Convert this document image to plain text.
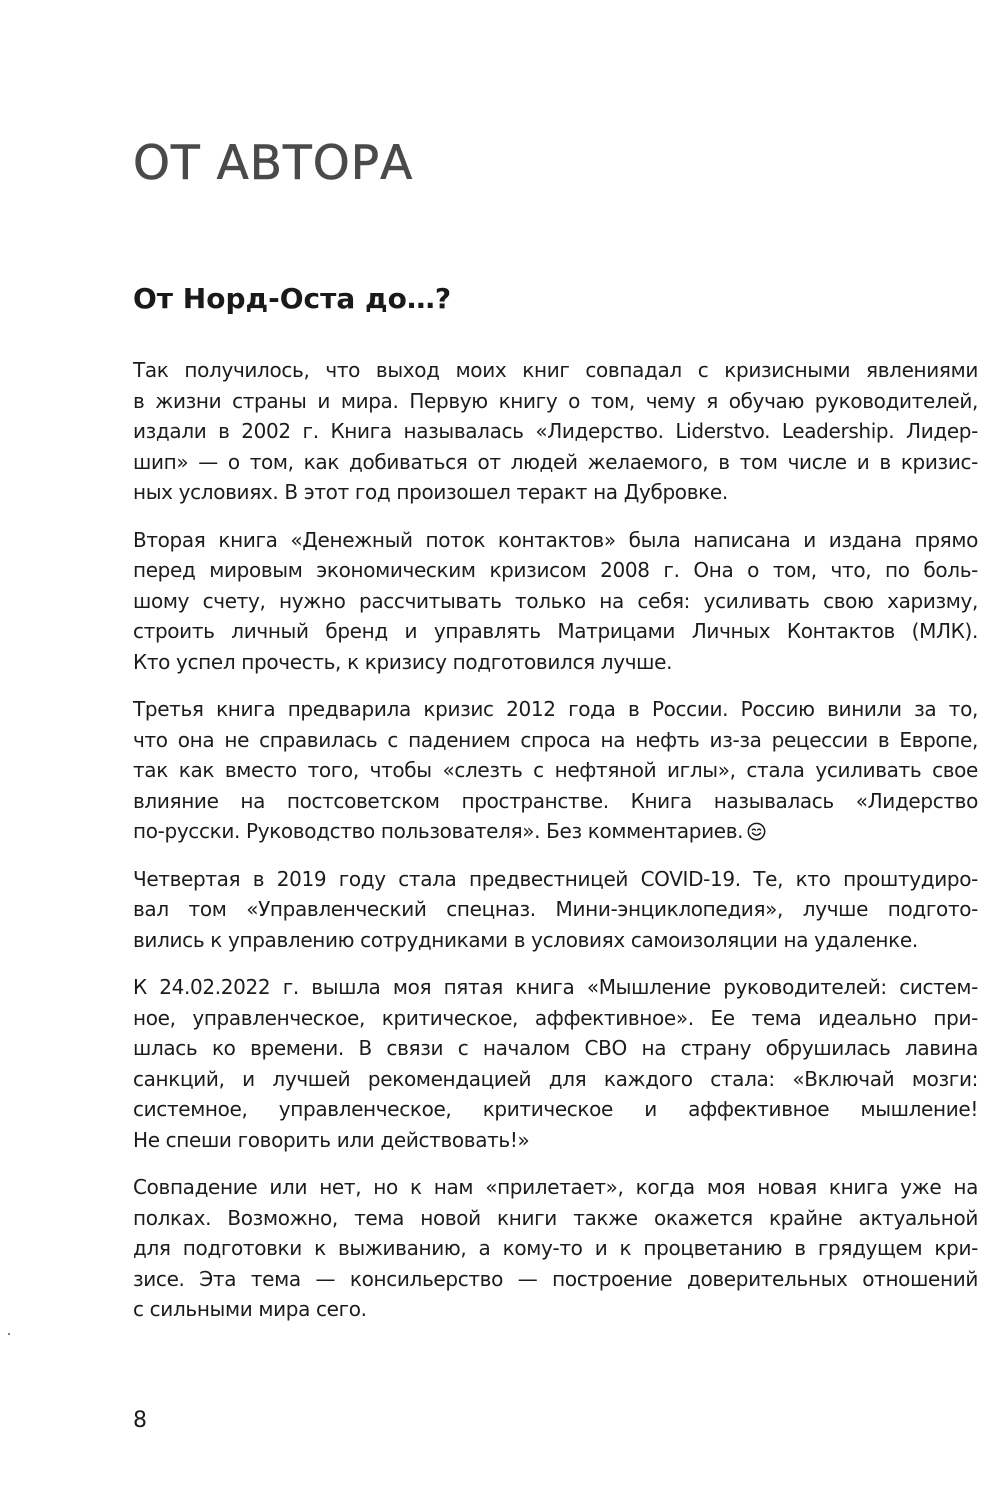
ОТ АВТОРА
От Норд-Оста до…?

Так получилось, что выход моих книг совпадал с кризисными явлениями
в жизни страны и мира. Первую книгу о том, чему я обучаю руководителей,
издали в 2002 г. Книга называлась «Лидерство. Liderstvo. Leadership. Лидер-
шип» — о том, как добиваться от людей желаемого, в том числе и в кризис-
ных условиях. В этот год произошел теракт на Дубровке.

Вторая книга «Денежный поток контактов» была написана и издана прямо
перед мировым экономическим кризисом 2008 г. Она о том, что, по боль-
шому счету, нужно рассчитывать только на себя: усиливать свою харизму,
строить личный бренд и управлять Матрицами Личных Контактов (МЛК).
Кто успел прочесть, к кризису подготовился лучше.

Третья книга предварила кризис 2012 года в России. Россию винили за то,
что она не справилась с падением спроса на нефть из-за рецессии в Европе,
так как вместо того, чтобы «слезть с нефтяной иглы», стала усиливать свое
влияние на постсоветском пространстве. Книга называлась «Лидерство
по-русски. Руководство пользователя». Без комментариев.

Четвертая в 2019 году стала предвестницей COVID-19. Те, кто проштудиро-
вал том «Управленческий спецназ. Мини-энциклопедия», лучше подгото-
вились к управлению сотрудниками в условиях самоизоляции на удаленке.

К 24.02.2022 г. вышла моя пятая книга «Мышление руководителей: систем-
ное, управленческое, критическое, аффективное». Ее тема идеально при-
шлась ко времени. В связи с началом СВО на страну обрушилась лавина
санкций, и лучшей рекомендацией для каждого стала: «Включай мозги:
системное, управленческое, критическое и аффективное мышление!
Не спеши говорить или действовать!»

Совпадение или нет, но к нам «прилетает», когда моя новая книга уже на
полках. Возможно, тема новой книги также окажется крайне актуальной
для подготовки к выживанию, а кому-то и к процветанию в грядущем кри-
зисе. Эта тема — консильерство — построение доверительных отношений
с сильными мира сего.

8
